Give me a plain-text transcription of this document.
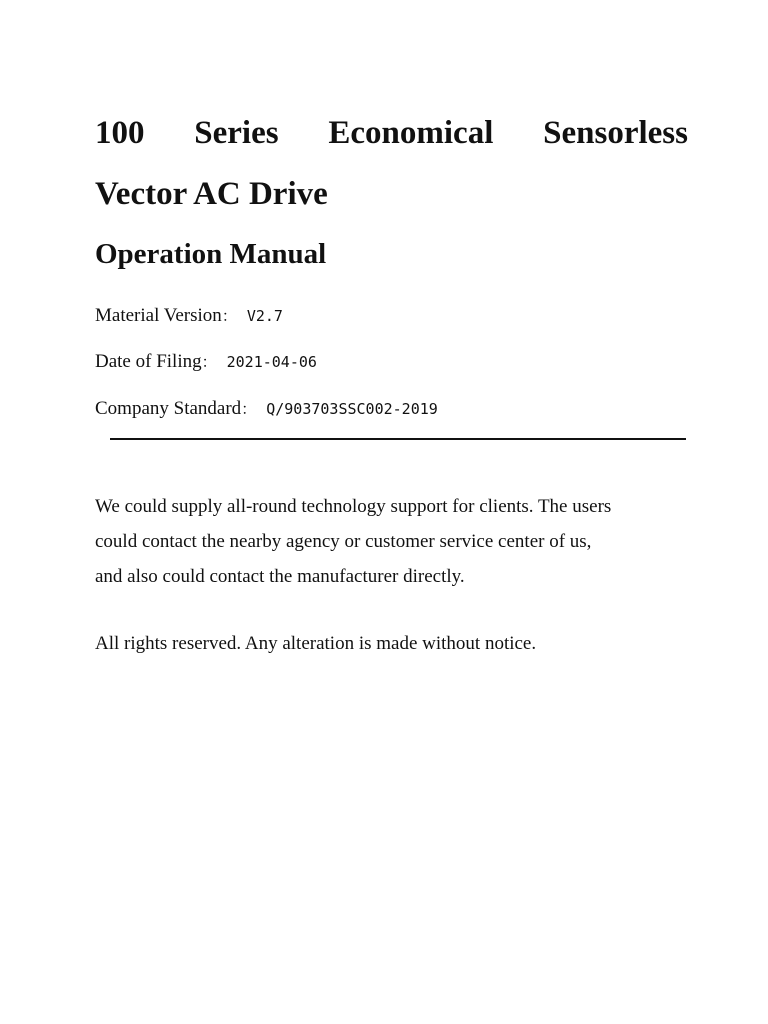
100 Series Economical Sensorless
Vector AC Drive
Operation Manual
Material Version ： V2.7
Date of Filing ： 2021-04-06
Company Standard ： Q/903703SSC002-2019
We could supply all-round technology support for clients. The users
could contact the nearby agency or customer service center of us,
and also could contact the manufacturer directly.
All rights reserved. Any alteration is made without notice.
